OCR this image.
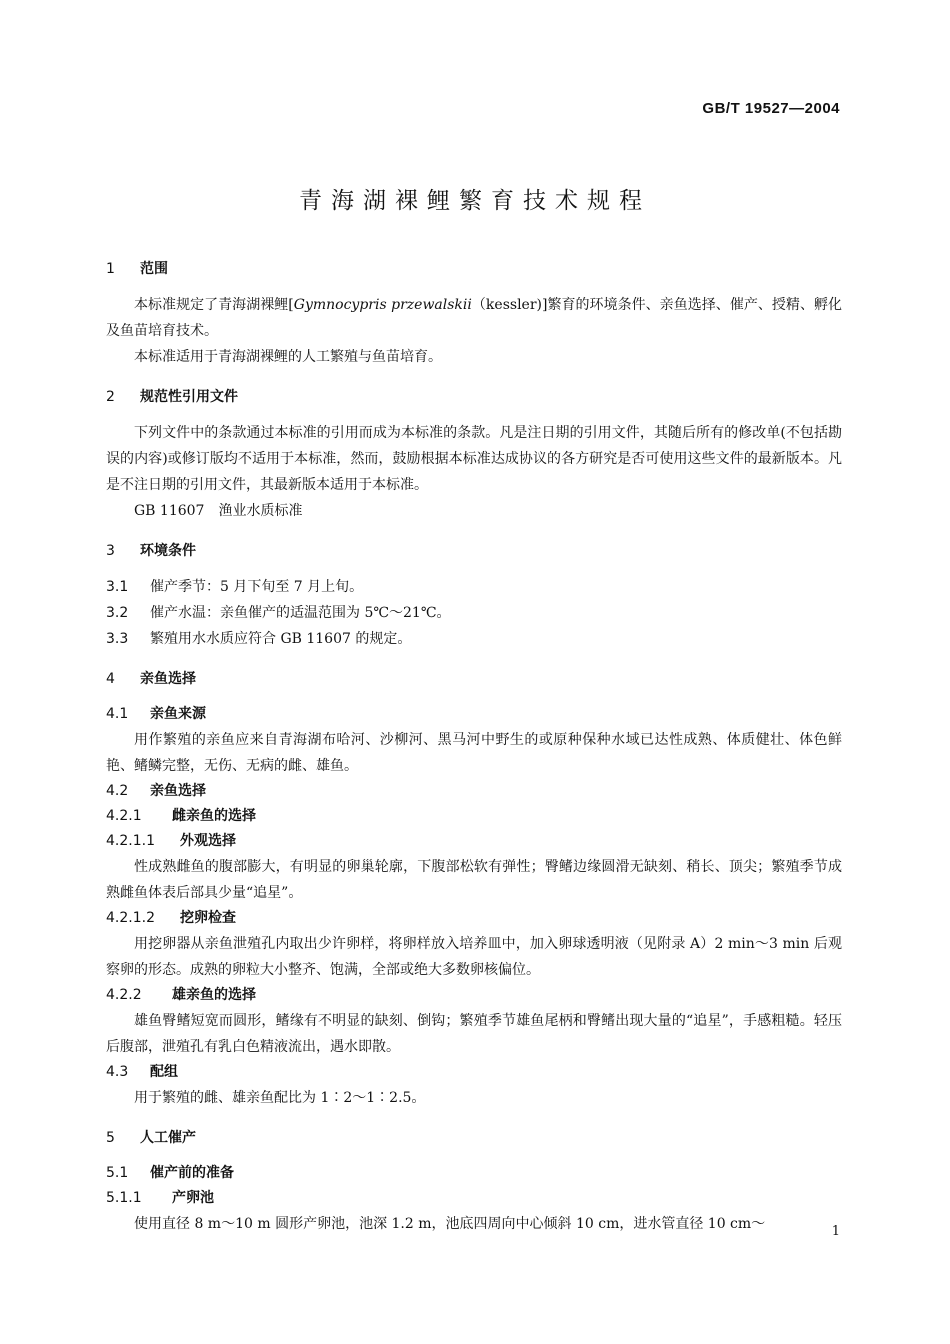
GB/T 19527—2004
青海湖裸鲤繁育技术规程
1 范围

本标准规定了青海湖裸鲤[Gymnocypris przewalskii（kessler)]繁育的环境条件、亲鱼选择、催产、授精、孵化及鱼苗培育技术。

本标准适用于青海湖裸鲤的人工繁殖与鱼苗培育。

2 规范性引用文件

下列文件中的条款通过本标准的引用而成为本标准的条款。凡是注日期的引用文件，其随后所有的修改单(不包括勘误的内容)或修订版均不适用于本标准，然而，鼓励根据本标准达成协议的各方研究是否可使用这些文件的最新版本。凡是不注日期的引用文件，其最新版本适用于本标准。

GB 11607　渔业水质标准

3 环境条件

3.1 催产季节：5 月下旬至 7 月上旬。

3.2 催产水温：亲鱼催产的适温范围为 5℃～21℃。

3.3 繁殖用水水质应符合 GB 11607 的规定。

4 亲鱼选择
4.1 亲鱼来源

用作繁殖的亲鱼应来自青海湖布哈河、沙柳河、黑马河中野生的或原种保种水域已达性成熟、体质健壮、体色鲜艳、鳍鳞完整，无伤、无病的雌、雄鱼。

4.2 亲鱼选择
4.2.1 雌亲鱼的选择
4.2.1.1 外观选择

性成熟雌鱼的腹部膨大，有明显的卵巢轮廓，下腹部松软有弹性；臀鳍边缘圆滑无缺刻、稍长、顶尖；繁殖季节成熟雌鱼体表后部具少量“追星”。

4.2.1.2 挖卵检查

用挖卵器从亲鱼泄殖孔内取出少许卵样，将卵样放入培养皿中，加入卵球透明液（见附录 A）2 min～3 min 后观察卵的形态。成熟的卵粒大小整齐、饱满，全部或绝大多数卵核偏位。

4.2.2 雄亲鱼的选择

雄鱼臀鳍短宽而圆形，鳍缘有不明显的缺刻、倒钩；繁殖季节雄鱼尾柄和臀鳍出现大量的“追星”，手感粗糙。轻压后腹部，泄殖孔有乳白色精液流出，遇水即散。

4.3 配组

用于繁殖的雌、雄亲鱼配比为 1∶2～1∶2.5。

5 人工催产
5.1 催产前的准备
5.1.1 产卵池

使用直径 8 m～10 m 圆形产卵池，池深 1.2 m，池底四周向中心倾斜 10 cm，进水管直径 10 cm～	1
